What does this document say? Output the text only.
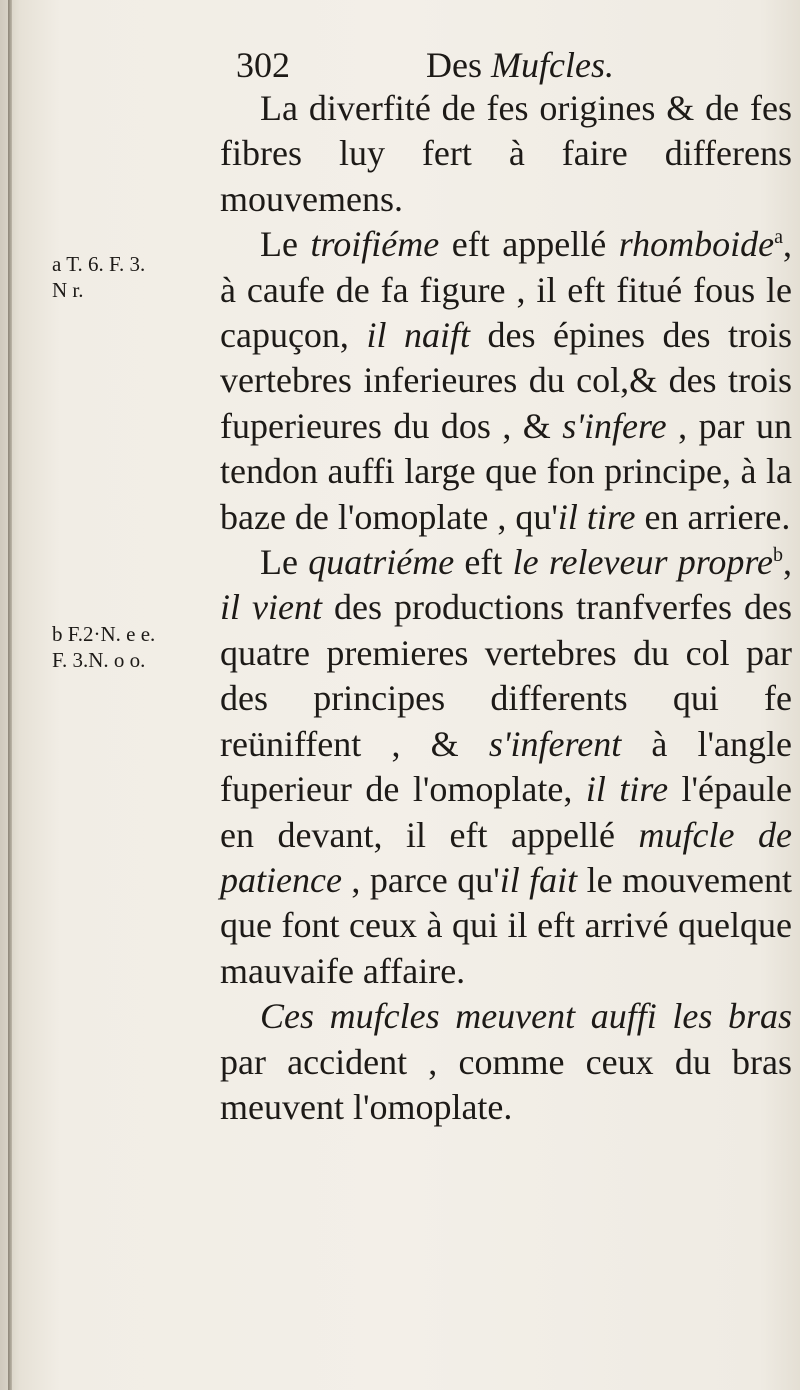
302	Des Mufcles.
a T. 6. F. 3.
N r.
b F.2·N. e e.
F. 3.N. o o.

La diverfité de fes origines & de fes fibres luy fert à faire differens mouvemens.

Le troifiéme eft appellé rhomboide$^a$, à caufe de fa figure , il eft fitué fous le capuçon, il naift des épines des trois vertebres inferieures du col,& des trois fuperieures du dos , & s'infere , par un tendon auffi large que fon principe, à la baze de l'omoplate , qu'il tire en arriere.

Le quatriéme eft le releveur propre$^b$, il vient des productions tranfverfes des quatre premieres vertebres du col par des principes differents qui fe reüniffent , & s'inferent à l'angle fuperieur de l'omoplate, il tire l'épaule en devant, il eft appellé mufcle de patience , parce qu'il fait le mouvement que font ceux à qui il eft arrivé quelque mauvaife affaire.

Ces mufcles meuvent auffi les bras par accident , comme ceux du bras meuvent l'omoplate.
